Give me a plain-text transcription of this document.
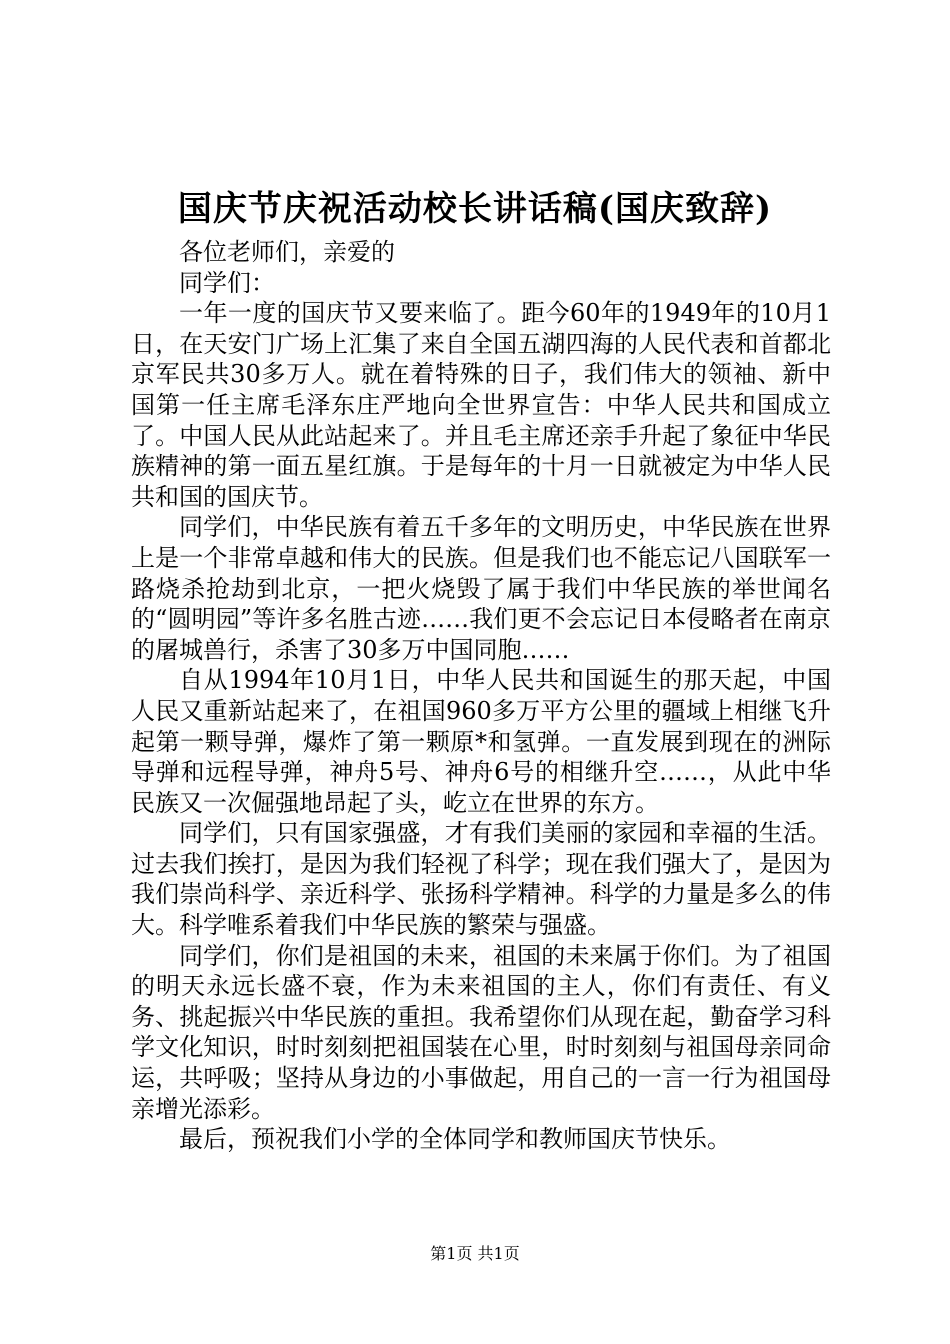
国庆节庆祝活动校长讲话稿(国庆致辞)

各位老师们，亲爱的

同学们：

一年一度的国庆节又要来临了。距今60年的1949年的10月1日，在天安门广场上汇集了来自全国五湖四海的人民代表和首都北京军民共30多万人。就在着特殊的日子，我们伟大的领袖、新中国第一任主席毛泽东庄严地向全世界宣告：中华人民共和国成立了。中国人民从此站起来了。并且毛主席还亲手升起了象征中华民族精神的第一面五星红旗。于是每年的十月一日就被定为中华人民共和国的国庆节。

同学们，中华民族有着五千多年的文明历史，中华民族在世界上是一个非常卓越和伟大的民族。但是我们也不能忘记八国联军一路烧杀抢劫到北京，一把火烧毁了属于我们中华民族的举世闻名的“圆明园”等许多名胜古迹……我们更不会忘记日本侵略者在南京的屠城兽行，杀害了30多万中国同胞……

自从1994年10月1日，中华人民共和国诞生的那天起，中国人民又重新站起来了，在祖国960多万平方公里的疆域上相继飞升起第一颗导弹，爆炸了第一颗原*和氢弹。一直发展到现在的洲际导弹和远程导弹，神舟5号、神舟6号的相继升空……，从此中华民族又一次倔强地昂起了头，屹立在世界的东方。

同学们，只有国家强盛，才有我们美丽的家园和幸福的生活。过去我们挨打，是因为我们轻视了科学；现在我们强大了，是因为我们崇尚科学、亲近科学、张扬科学精神。科学的力量是多么的伟大。科学唯系着我们中华民族的繁荣与强盛。

同学们，你们是祖国的未来，祖国的未来属于你们。为了祖国的明天永远长盛不衰，作为未来祖国的主人，你们有责任、有义务、挑起振兴中华民族的重担。我希望你们从现在起，勤奋学习科学文化知识，时时刻刻把祖国装在心里，时时刻刻与祖国母亲同命运，共呼吸；坚持从身边的小事做起，用自己的一言一行为祖国母亲增光添彩。

最后，预祝我们小学的全体同学和教师国庆节快乐。

第1页 共1页
